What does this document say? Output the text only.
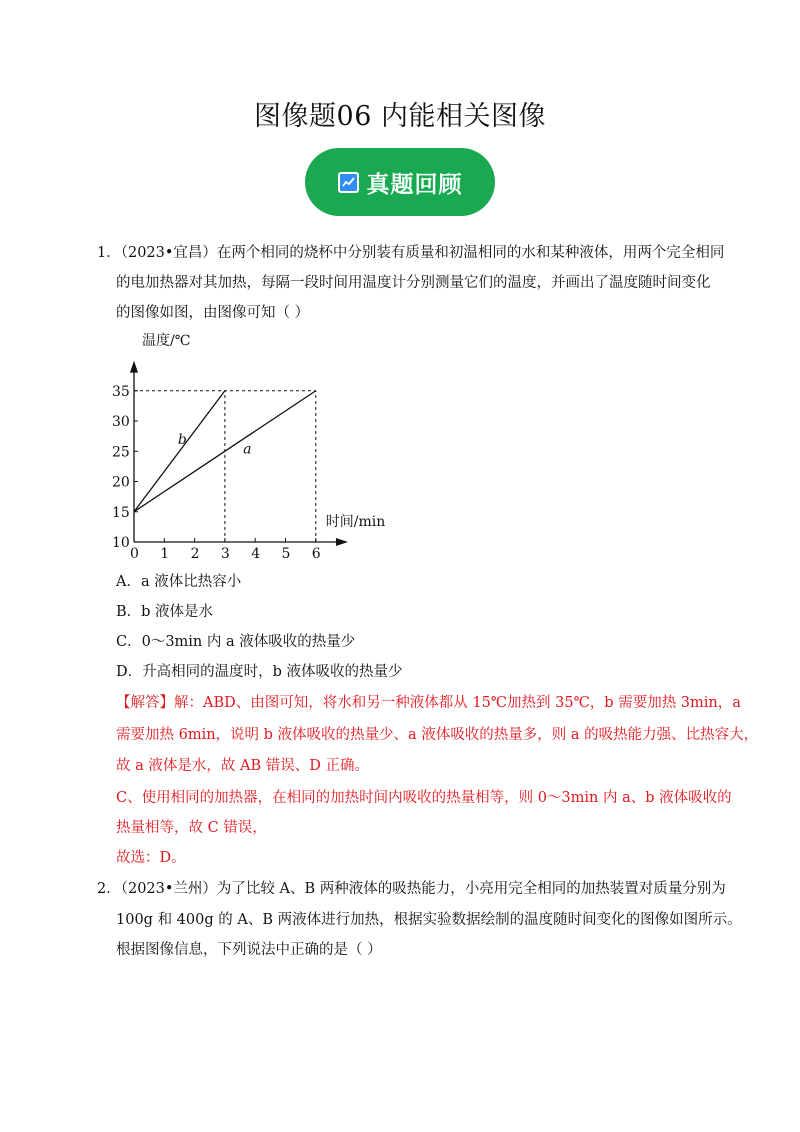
图像题06 内能相关图像
真题回顾
1．（2023•宜昌）在两个相同的烧杯中分别装有质量和初温相同的水和某种液体，用两个完全相同
的电加热器对其加热，每隔一段时间用温度计分别测量它们的温度，并画出了温度随时间变化
的图像如图，由图像可知（ ）
温度/℃
时间/min
0 1 2 3 4 5 6
10
15
20
25
30
35
a
b
A．a 液体比热容小
B．b 液体是水
C．0～3min 内 a 液体吸收的热量少
D．升高相同的温度时，b 液体吸收的热量少
【解答】解：ABD、由图可知，将水和另一种液体都从 15℃加热到 35℃，b 需要加热 3min，a
需要加热 6min，说明 b 液体吸收的热量少、a 液体吸收的热量多，则 a 的吸热能力强、比热容大，
故 a 液体是水，故 AB 错误、D 正确。
C、使用相同的加热器，在相同的加热时间内吸收的热量相等，则 0～3min 内 a、b 液体吸收的
热量相等，故 C 错误，
故选：D。
2．（2023•兰州）为了比较 A、B 两种液体的吸热能力，小亮用完全相同的加热装置对质量分别为
100g 和 400g 的 A、B 两液体进行加热，根据实验数据绘制的温度随时间变化的图像如图所示。
根据图像信息，下列说法中正确的是（ ）
